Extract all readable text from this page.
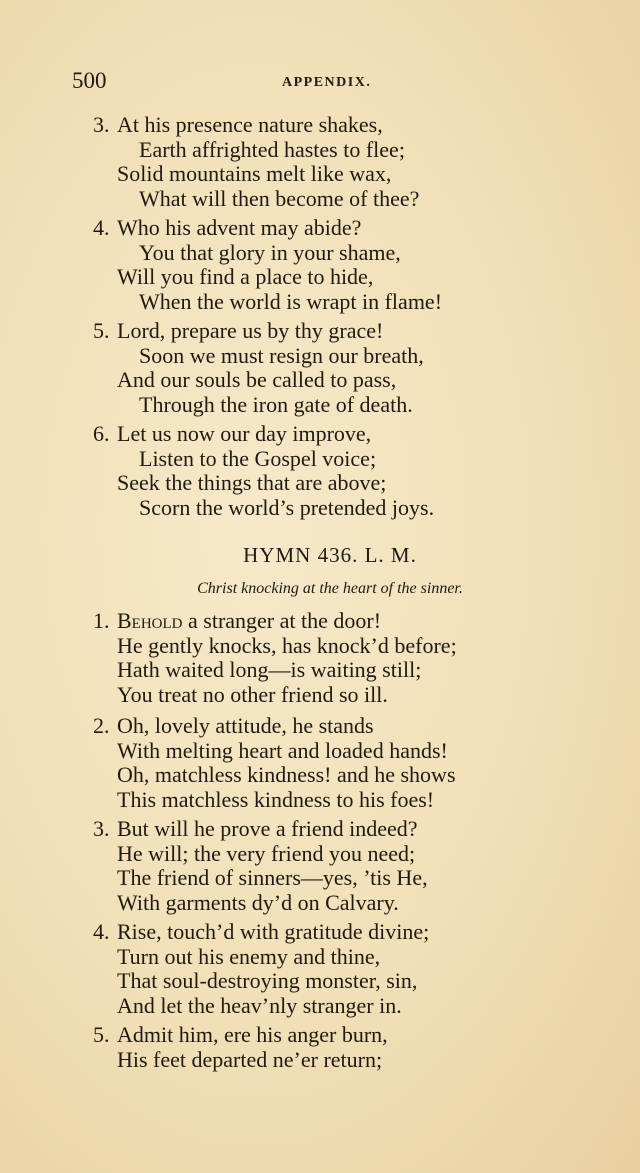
500	APPENDIX.
3. At his presence nature shakes,
Earth affrighted hastes to flee;
Solid mountains melt like wax,
What will then become of thee?
4. Who his advent may abide?
You that glory in your shame,
Will you find a place to hide,
When the world is wrapt in flame!
5. Lord, prepare us by thy grace!
Soon we must resign our breath,
And our souls be called to pass,
Through the iron gate of death.
6. Let us now our day improve,
Listen to the Gospel voice;
Seek the things that are above;
Scorn the world’s pretended joys.
HYMN 436. L. M.
Christ knocking at the heart of the sinner.
1. Behold a stranger at the door!
He gently knocks, has knock’d before;
Hath waited long—is waiting still;
You treat no other friend so ill.
2. Oh, lovely attitude, he stands
With melting heart and loaded hands!
Oh, matchless kindness! and he shows
This matchless kindness to his foes!
3. But will he prove a friend indeed?
He will; the very friend you need;
The friend of sinners—yes, ’tis He,
With garments dy’d on Calvary.
4. Rise, touch’d with gratitude divine;
Turn out his enemy and thine,
That soul-destroying monster, sin,
And let the heav’nly stranger in.
5. Admit him, ere his anger burn,
His feet departed ne’er return;
